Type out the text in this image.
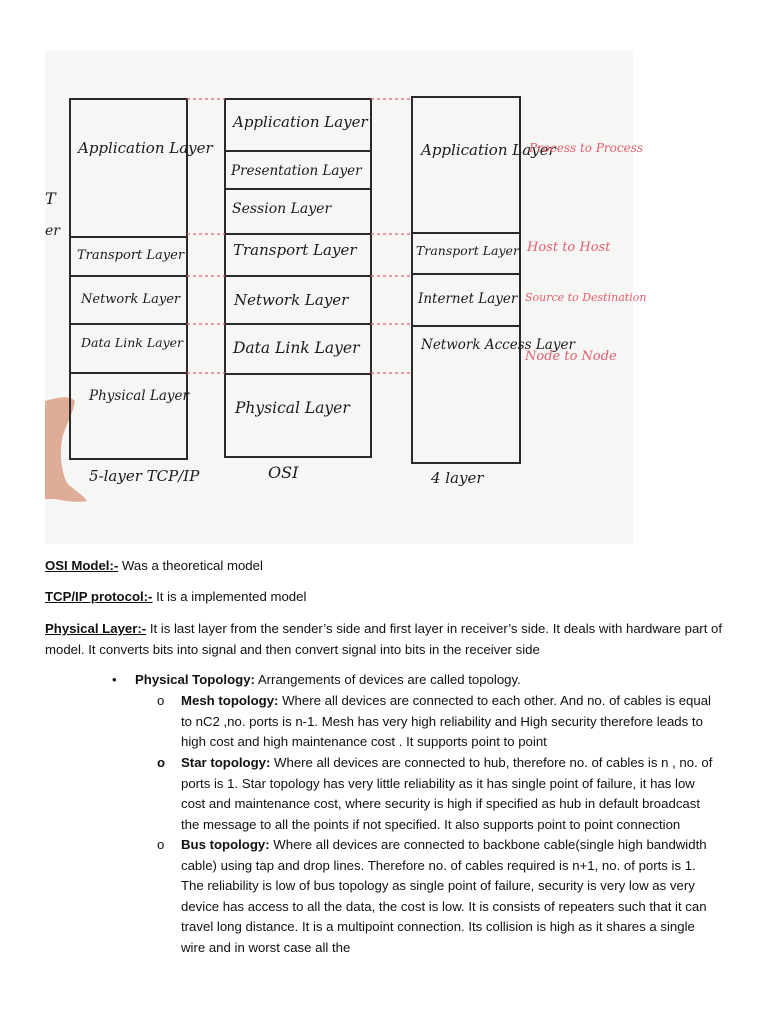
T
er
Application Layer
Transport Layer
Network Layer
Data Link Layer
Physical Layer
5-layer TCP/IP
Application Layer
Presentation Layer
Session Layer
Transport Layer
Network Layer
Data Link Layer
Physical Layer
OSI
Application Layer
Transport Layer
Internet Layer
Network Access Layer
4 layer
Process to Process
Host to Host
Source to Destination
Node to Node
OSI Model:- Was a theoretical model
TCP/IP protocol:- It is a implemented model
Physical Layer:- It is last layer from the sender’s side and first layer in receiver’s side. It deals with hardware part of model. It converts bits into signal and then convert signal into bits in the receiver side
• Physical Topology: Arrangements of devices are called topology.
o Mesh topology: Where all devices are connected to each other. And no. of cables is equal to nC2 ,no. ports is n-1. Mesh has very high reliability and High security therefore leads to high cost and high maintenance cost . It supports point to point
o Star topology: Where all devices are connected to hub, therefore no. of cables is n , no. of ports is 1. Star topology has very little reliability as it has single point of failure, it has low cost and maintenance cost, where security is high if specified as hub in default broadcast the message to all the points if not specified. It also supports point to point connection
o Bus topology: Where all devices are connected to backbone cable(single high bandwidth cable) using tap and drop lines. Therefore no. of cables required is n+1, no. of ports is 1. The reliability is low of bus topology as single point of failure, security is very low as very device has access to all the data, the cost is low. It is consists of repeaters such that it can travel long distance. It is a multipoint connection. Its collision is high as it shares a single wire and in worst case all the
